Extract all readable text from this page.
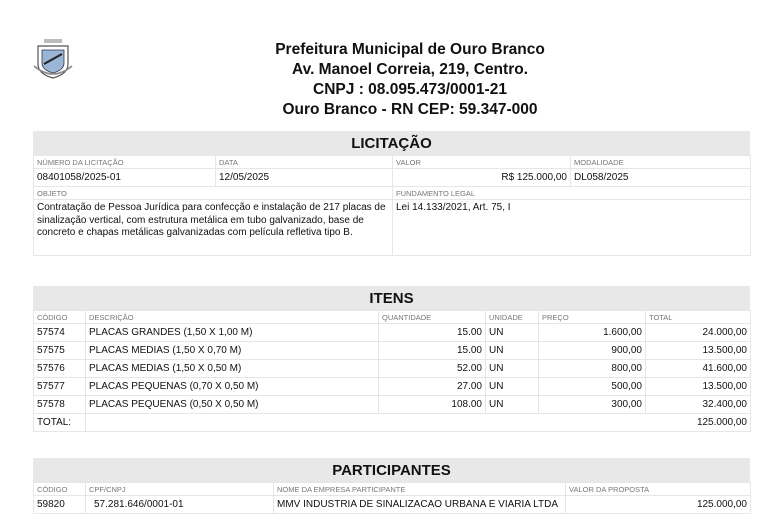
Prefeitura Municipal de Ouro Branco
Av. Manoel Correia, 219, Centro.
CNPJ : 08.095.473/0001-21
Ouro Branco - RN CEP: 59.347-000
LICITAÇÃO
NÚMERO DA LICITAÇÃO	DATA	VALOR	MODALIDADE
08401058/2025-01	12/05/2025	R$ 125.000,00	DL058/2025
OBJETO		FUNDAMENTO LEGAL	
Contratação de Pessoa Jurídica para confecção e instalação de 217 placas de sinalização vertical, com estrutura metálica em tubo galvanizado, base de concreto e chapas metálicas galvanizadas com película refletiva tipo B.		Lei 14.133/2021, Art. 75, I	
ITENS
CÓDIGO	DESCRIÇÃO	QUANTIDADE	UNIDADE	PREÇO	TOTAL
57574	PLACAS GRANDES (1,50 X 1,00 M)	15.00	UN	1.600,00	24.000,00
57575	PLACAS MEDIAS (1,50 X 0,70 M)	15.00	UN	900,00	13.500,00
57576	PLACAS MEDIAS (1,50 X 0,50 M)	52.00	UN	800,00	41.600,00
57577	PLACAS PEQUENAS (0,70 X 0,50 M)	27.00	UN	500,00	13.500,00
57578	PLACAS PEQUENAS (0,50 X 0,50 M)	108.00	UN	300,00	32.400,00
TOTAL:	125.000,00				
PARTICIPANTES
CÓDIGO	CPF/CNPJ	NOME DA EMPRESA PARTICIPANTE	VALOR DA PROPOSTA
59820	57.281.646/0001-01	MMV INDUSTRIA DE SINALIZACAO URBANA E VIARIA LTDA	125.000,00
